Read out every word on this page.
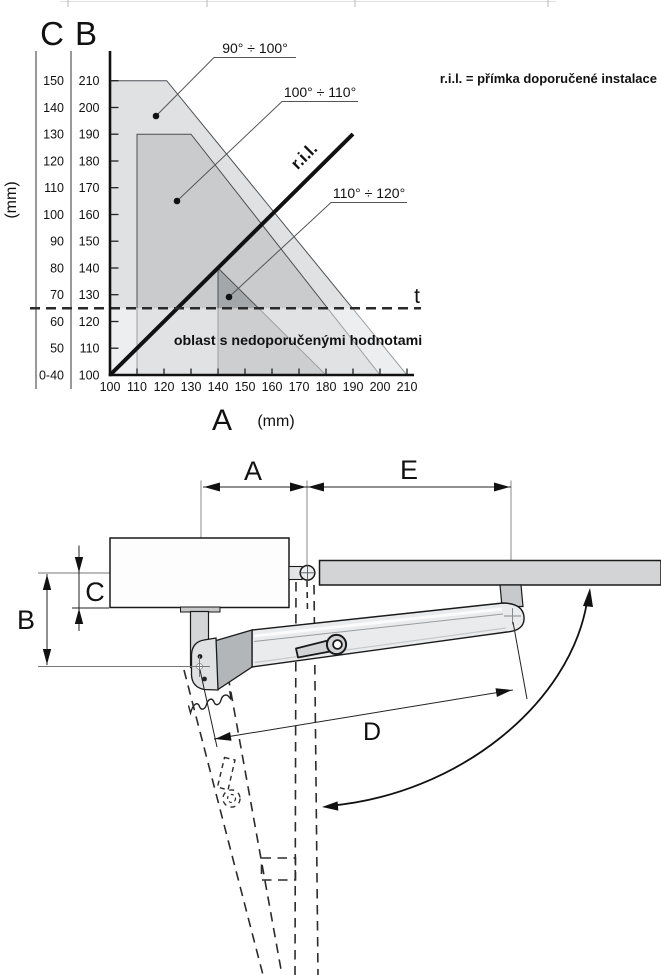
r.i.l.
t
oblast s nedoporučenými hodnotami
90° ÷ 100°
100° ÷ 110°
110° ÷ 120°
r.i.l. = přímka doporučené instalace
C B
(mm)
150
140
130
120
110
100
90
80
70
60
50
0-40
210
200
190
180
170
160
150
140
130
120
110
100
100 110 120 130 140 150 160 170 180 190 200 210
A (mm)
A	E
B
C
D
